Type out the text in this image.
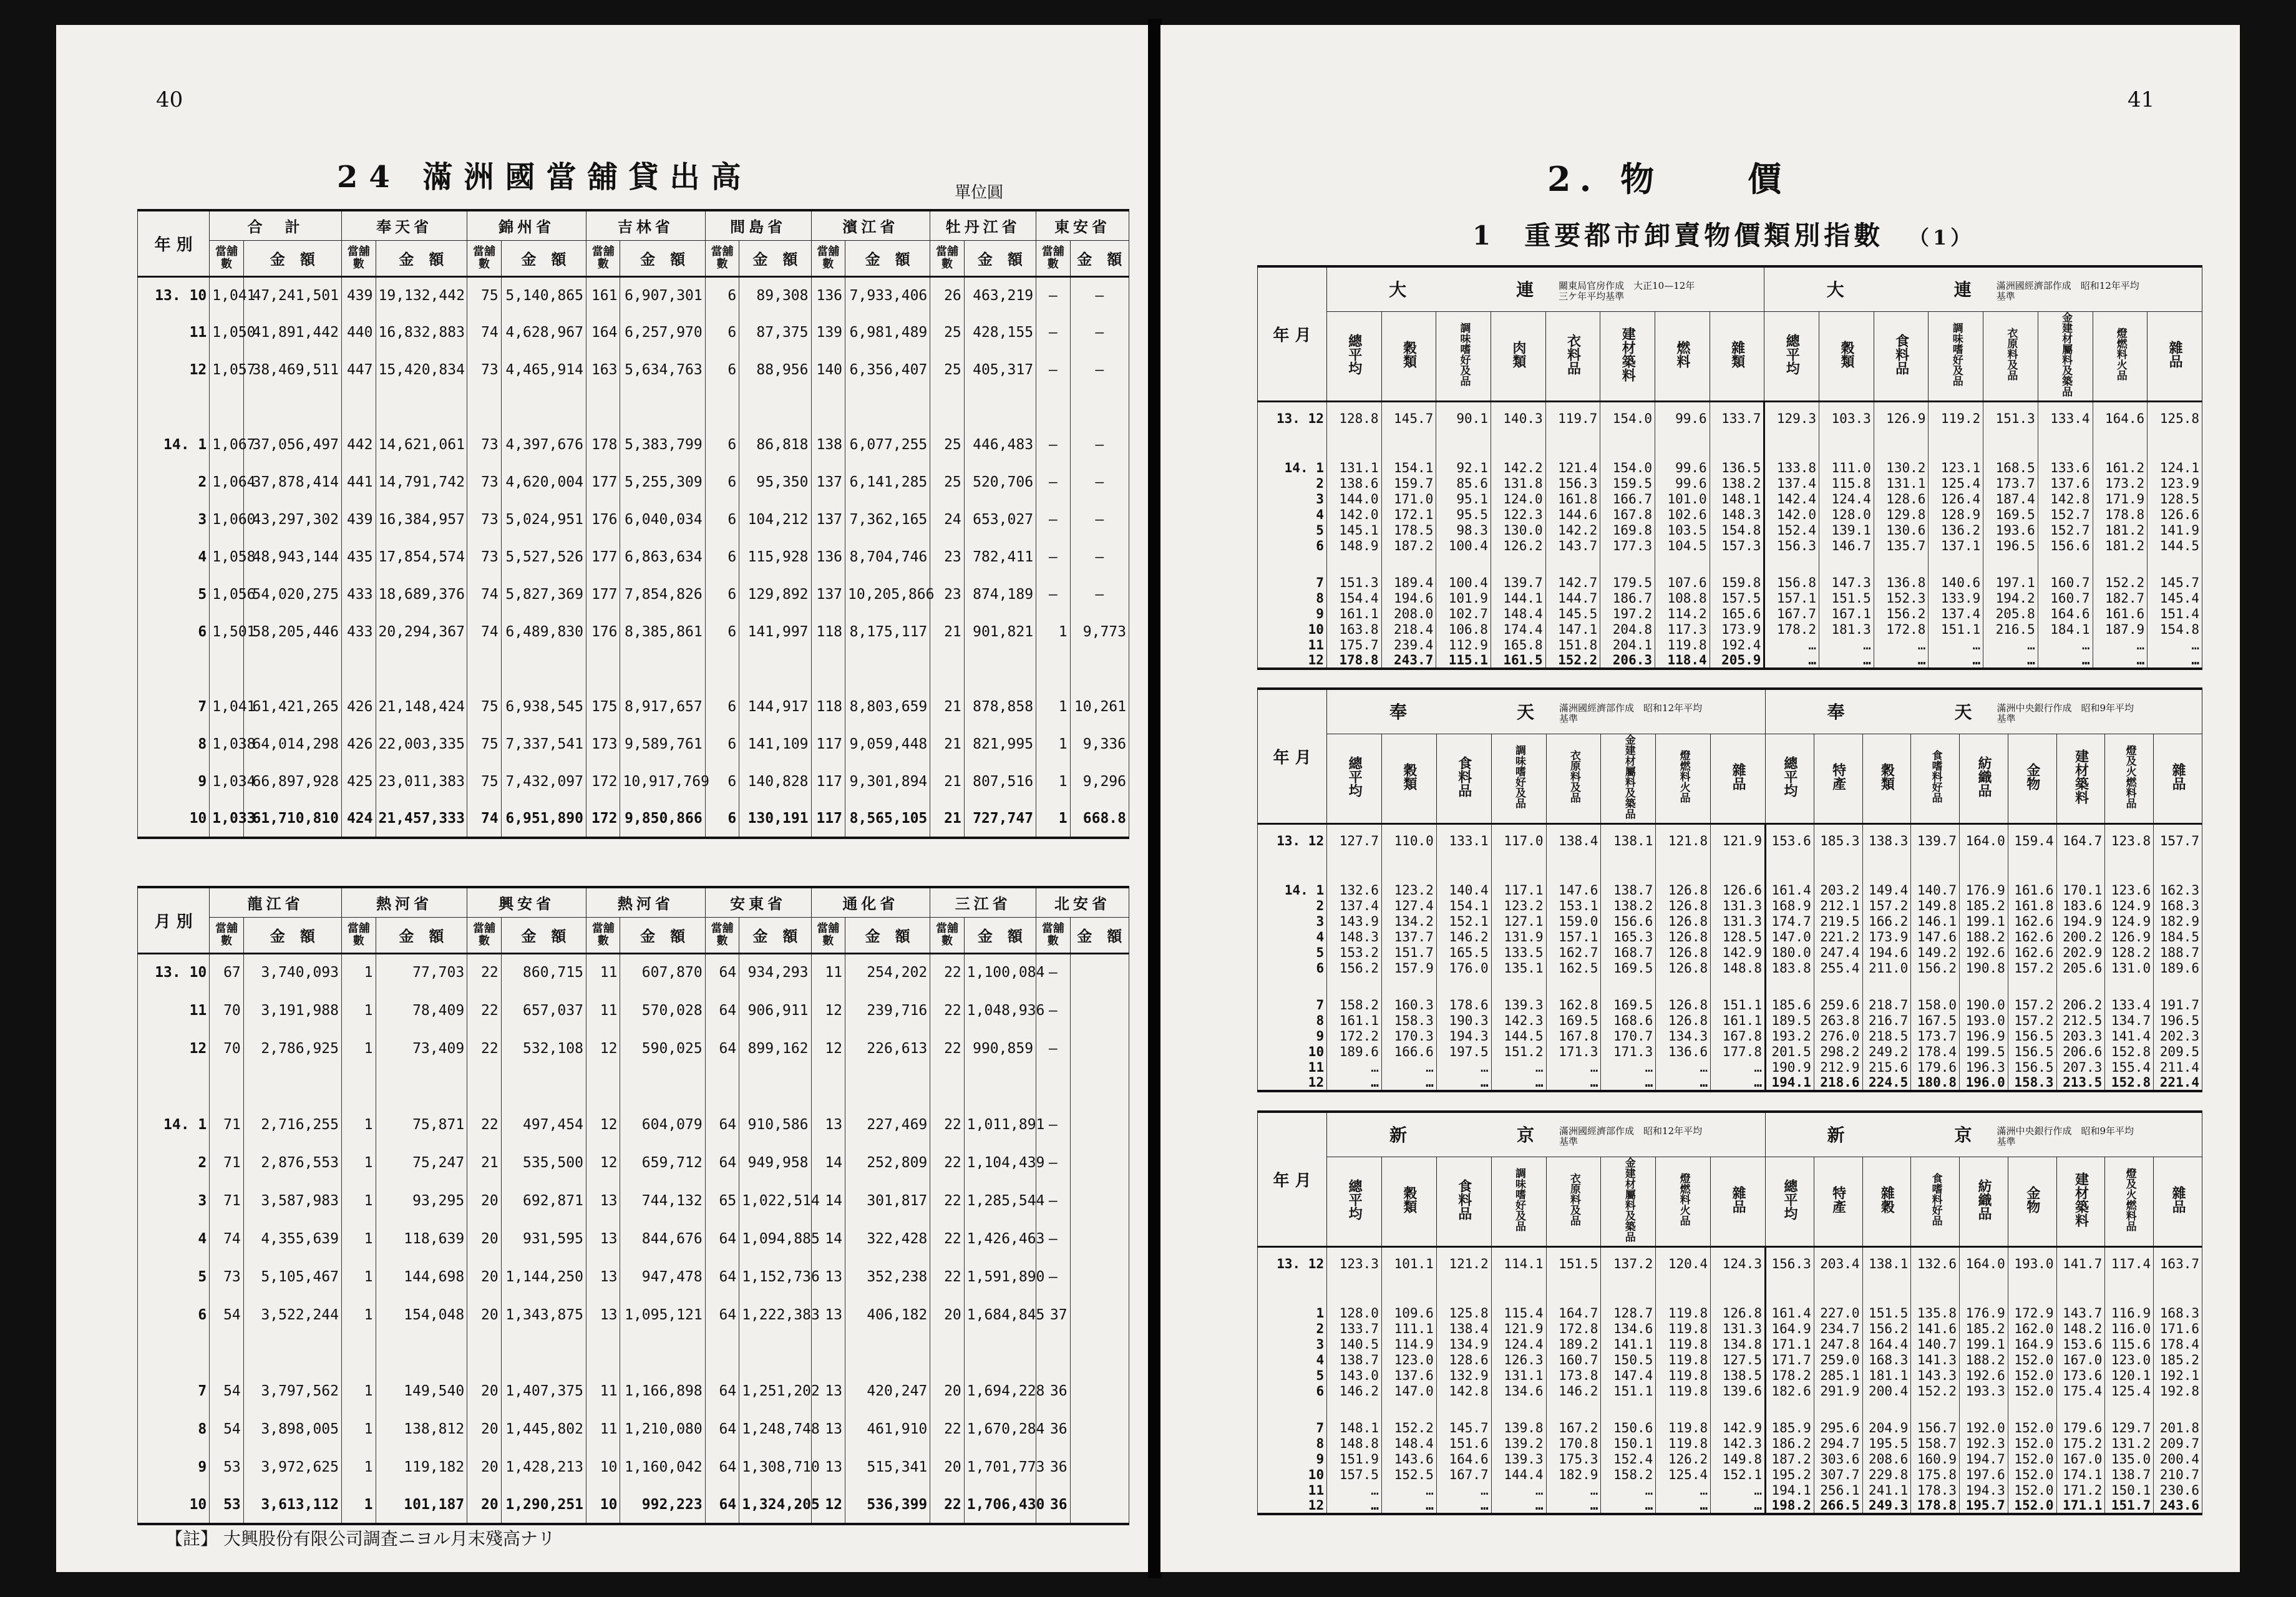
40
24 滿洲國當舖貸出高	單位圓
年 別	合　計		奉天省		錦州省		吉林省		間島省		濱江省		牡丹江省		東安省	
	當舖數	金　額	當舖數	金　額	當舖數	金　額	當舖數	金　額	當舖數	金　額	當舖數	金　額	當舖數	金　額	當舖數	金　額
13. 10	1,041	47,241,501	439	19,132,442	75	5,140,865	161	6,907,301	6	89,308	136	7,933,406	26	463,219	—	—
11	1,050	41,891,442	440	16,832,883	74	4,628,967	164	6,257,970	6	87,375	139	6,981,489	25	428,155	—	—
12	1,057	38,469,511	447	15,420,834	73	4,465,914	163	5,634,763	6	88,956	140	6,356,407	25	405,317	—	—

14. 1	1,067	37,056,497	442	14,621,061	73	4,397,676	178	5,383,799	6	86,818	138	6,077,255	25	446,483	—	—
2	1,064	37,878,414	441	14,791,742	73	4,620,004	177	5,255,309	6	95,350	137	6,141,285	25	520,706	—	—
3	1,060	43,297,302	439	16,384,957	73	5,024,951	176	6,040,034	6	104,212	137	7,362,165	24	653,027	—	—
4	1,058	48,943,144	435	17,854,574	73	5,527,526	177	6,863,634	6	115,928	136	8,704,746	23	782,411	—	—
5	1,056	54,020,275	433	18,689,376	74	5,827,369	177	7,854,826	6	129,892	137	10,205,866	23	874,189	—	—
6	1,501	58,205,446	433	20,294,367	74	6,489,830	176	8,385,861	6	141,997	118	8,175,117	21	901,821	1	9,773

7	1,041	61,421,265	426	21,148,424	75	6,938,545	175	8,917,657	6	144,917	118	8,803,659	21	878,858	1	10,261
8	1,038	64,014,298	426	22,003,335	75	7,337,541	173	9,589,761	6	141,109	117	9,059,448	21	821,995	1	9,336
9	1,034	66,897,928	425	23,011,383	75	7,432,097	172	10,917,769	6	140,828	117	9,301,894	21	807,516	1	9,296
10	1,033	61,710,810	424	21,457,333	74	6,951,890	172	9,850,866	6	130,191	117	8,565,105	21	727,747	1	668.8
月 別	龍江省		熱河省		興安省		熱河省		安東省		通化省		三江省		北安省	
	當舖數	金　額	當舖數	金　額	當舖數	金　額	當舖數	金　額	當舖數	金　額	當舖數	金　額	當舖數	金　額	當舖數	金　額
13. 10	67	3,740,093	1	77,703	22	860,715	11	607,870	64	934,293	11	254,202	22	1,100,084	—	
11	70	3,191,988	1	78,409	22	657,037	11	570,028	64	906,911	12	239,716	22	1,048,936	—	
12	70	2,786,925	1	73,409	22	532,108	12	590,025	64	899,162	12	226,613	22	990,859	—	

14. 1	71	2,716,255	1	75,871	22	497,454	12	604,079	64	910,586	13	227,469	22	1,011,891	—	
2	71	2,876,553	1	75,247	21	535,500	12	659,712	64	949,958	14	252,809	22	1,104,439	—	
3	71	3,587,983	1	93,295	20	692,871	13	744,132	65	1,022,514	14	301,817	22	1,285,544	—	
4	74	4,355,639	1	118,639	20	931,595	13	844,676	64	1,094,885	14	322,428	22	1,426,463	—	
5	73	5,105,467	1	144,698	20	1,144,250	13	947,478	64	1,152,736	13	352,238	22	1,591,890	—	
6	54	3,522,244	1	154,048	20	1,343,875	13	1,095,121	64	1,222,383	13	406,182	20	1,684,845	37	

7	54	3,797,562	1	149,540	20	1,407,375	11	1,166,898	64	1,251,202	13	420,247	20	1,694,228	36	
8	54	3,898,005	1	138,812	20	1,445,802	11	1,210,080	64	1,248,748	13	461,910	22	1,670,284	36	
9	53	3,972,625	1	119,182	20	1,428,213	10	1,160,042	64	1,308,710	13	515,341	20	1,701,773	36	
10	53	3,613,112	1	101,187	20	1,290,251	10	992,223	64	1,324,205	12	536,399	22	1,706,430	36	
【註】 大興股份有限公司調査ニヨル月末殘高ナリ
41
2. 物　　價
1　重要都市卸賣物價類別指數 （1）
年 月	大　　連關東局官房作成　大正10—12年三ケ年平均基準								大　　連滿洲國經濟部作成　昭和12年平均基準							
	總平均	穀類	調味嗜好及品	肉類	衣料品	建材築料	燃料	雜類	總平均	穀類	食料品	調味嗜好及品	衣原料及品	金建材屬料及築品	燈燃料火品	雜品
13. 12	128.8	145.7	90.1	140.3	119.7	154.0	99.6	133.7	129.3	103.3	126.9	119.2	151.3	133.4	164.6	125.8

14. 1	131.1	154.1	92.1	142.2	121.4	154.0	99.6	136.5	133.8	111.0	130.2	123.1	168.5	133.6	161.2	124.1
2	138.6	159.7	85.6	131.8	156.3	159.5	99.6	138.2	137.4	115.8	131.1	125.4	173.7	137.6	173.2	123.9
3	144.0	171.0	95.1	124.0	161.8	166.7	101.0	148.1	142.4	124.4	128.6	126.4	187.4	142.8	171.9	128.5
4	142.0	172.1	95.5	122.3	144.6	167.8	102.6	148.3	142.0	128.0	129.8	128.9	169.5	152.7	178.8	126.6
5	145.1	178.5	98.3	130.0	142.2	169.8	103.5	154.8	152.4	139.1	130.6	136.2	193.6	152.7	181.2	141.9
6	148.9	187.2	100.4	126.2	143.7	177.3	104.5	157.3	156.3	146.7	135.7	137.1	196.5	156.6	181.2	144.5

7	151.3	189.4	100.4	139.7	142.7	179.5	107.6	159.8	156.8	147.3	136.8	140.6	197.1	160.7	152.2	145.7
8	154.4	194.6	101.9	144.1	144.7	186.7	108.8	157.5	157.1	151.5	152.3	133.9	194.2	160.7	182.7	145.4
9	161.1	208.0	102.7	148.4	145.5	197.2	114.2	165.6	167.7	167.1	156.2	137.4	205.8	164.6	161.6	151.4
10	163.8	218.4	106.8	174.4	147.1	204.8	117.3	173.9	178.2	181.3	172.8	151.1	216.5	184.1	187.9	154.8
11	175.7	239.4	112.9	165.8	151.8	204.1	119.8	192.4	…	…	…	…	…	…	…	…
12	178.8	243.7	115.1	161.5	152.2	206.3	118.4	205.9	…	…	…	…	…	…	…	…
年 月	奉　　天滿洲國經濟部作成　昭和12年平均基準								奉　　天滿洲中央銀行作成　昭和9年平均基準								
	總平均	穀類	食料品	調味嗜好及品	衣原料及品	金建材屬料及築品	燈燃料火品	雜品	總平均	特產	穀類	食嗜料好品	紡織品	金物	建材築料	燈及火燃料品	雜品
13. 12	127.7	110.0	133.1	117.0	138.4	138.1	121.8	121.9	153.6	185.3	138.3	139.7	164.0	159.4	164.7	123.8	157.7

14. 1	132.6	123.2	140.4	117.1	147.6	138.7	126.8	126.6	161.4	203.2	149.4	140.7	176.9	161.6	170.1	123.6	162.3
2	137.4	127.4	154.1	123.2	153.1	138.2	126.8	131.3	168.9	212.1	157.2	149.8	185.2	161.8	183.6	124.9	168.3
3	143.9	134.2	152.1	127.1	159.0	156.6	126.8	131.3	174.7	219.5	166.2	146.1	199.1	162.6	194.9	124.9	182.9
4	148.3	137.7	146.2	131.9	157.1	165.3	126.8	128.5	147.0	221.2	173.9	147.6	188.2	162.6	200.2	126.9	184.5
5	153.2	151.7	165.5	133.5	162.7	168.7	126.8	142.9	180.0	247.4	194.6	149.2	192.6	162.6	202.9	128.2	188.7
6	156.2	157.9	176.0	135.1	162.5	169.5	126.8	148.8	183.8	255.4	211.0	156.2	190.8	157.2	205.6	131.0	189.6

7	158.2	160.3	178.6	139.3	162.8	169.5	126.8	151.1	185.6	259.6	218.7	158.0	190.0	157.2	206.2	133.4	191.7
8	161.1	158.3	190.3	142.3	169.5	168.6	126.8	161.1	189.5	263.8	216.7	167.5	193.0	157.2	212.5	134.7	196.5
9	172.2	170.3	194.3	144.5	167.8	170.7	134.3	167.8	193.2	276.0	218.5	173.7	196.9	156.5	203.3	141.4	202.3
10	189.6	166.6	197.5	151.2	171.3	171.3	136.6	177.8	201.5	298.2	249.2	178.4	199.5	156.5	206.6	152.8	209.5
11	…	…	…	…	…	…	…	…	190.9	212.9	215.6	179.6	196.3	156.5	207.3	155.4	211.4
12	…	…	…	…	…	…	…	…	194.1	218.6	224.5	180.8	196.0	158.3	213.5	152.8	221.4
年 月	新　　京滿洲國經濟部作成　昭和12年平均基準								新　　京滿洲中央銀行作成　昭和9年平均基準								
	總平均	穀類	食料品	調味嗜好及品	衣原料及品	金建材屬料及築品	燈燃料火品	雜品	總平均	特產	雜穀	食嗜料好品	紡織品	金物	建材築料	燈及火燃料品	雜品
13. 12	123.3	101.1	121.2	114.1	151.5	137.2	120.4	124.3	156.3	203.4	138.1	132.6	164.0	193.0	141.7	117.4	163.7

1	128.0	109.6	125.8	115.4	164.7	128.7	119.8	126.8	161.4	227.0	151.5	135.8	176.9	172.9	143.7	116.9	168.3
2	133.7	111.1	138.4	121.9	172.8	134.6	119.8	131.3	164.9	234.7	156.2	141.6	185.2	162.0	148.2	116.0	171.6
3	140.5	114.9	134.9	124.4	189.2	141.1	119.8	134.8	171.1	247.8	164.4	140.7	199.1	164.9	153.6	115.6	178.4
4	138.7	123.0	128.6	126.3	160.7	150.5	119.8	127.5	171.7	259.0	168.3	141.3	188.2	152.0	167.0	123.0	185.2
5	143.0	137.6	132.9	131.1	173.8	147.4	119.8	138.5	178.2	285.1	181.1	143.3	192.6	152.0	173.6	120.1	192.1
6	146.2	147.0	142.8	134.6	146.2	151.1	119.8	139.6	182.6	291.9	200.4	152.2	193.3	152.0	175.4	125.4	192.8

7	148.1	152.2	145.7	139.8	167.2	150.6	119.8	142.9	185.9	295.6	204.9	156.7	192.0	152.0	179.6	129.7	201.8
8	148.8	148.4	151.6	139.2	170.8	150.1	119.8	142.3	186.2	294.7	195.5	158.7	192.3	152.0	175.2	131.2	209.7
9	151.9	143.6	164.6	139.3	175.3	152.4	126.2	149.8	187.2	303.6	208.6	160.9	194.7	152.0	167.0	135.0	200.4
10	157.5	152.5	167.7	144.4	182.9	158.2	125.4	152.1	195.2	307.7	229.8	175.8	197.6	152.0	174.1	138.7	210.7
11	…	…	…	…	…	…	…	…	194.1	256.1	241.1	178.3	194.3	152.0	171.2	150.1	230.6
12	…	…	…	…	…	…	…	…	198.2	266.5	249.3	178.8	195.7	152.0	171.1	151.7	243.6
